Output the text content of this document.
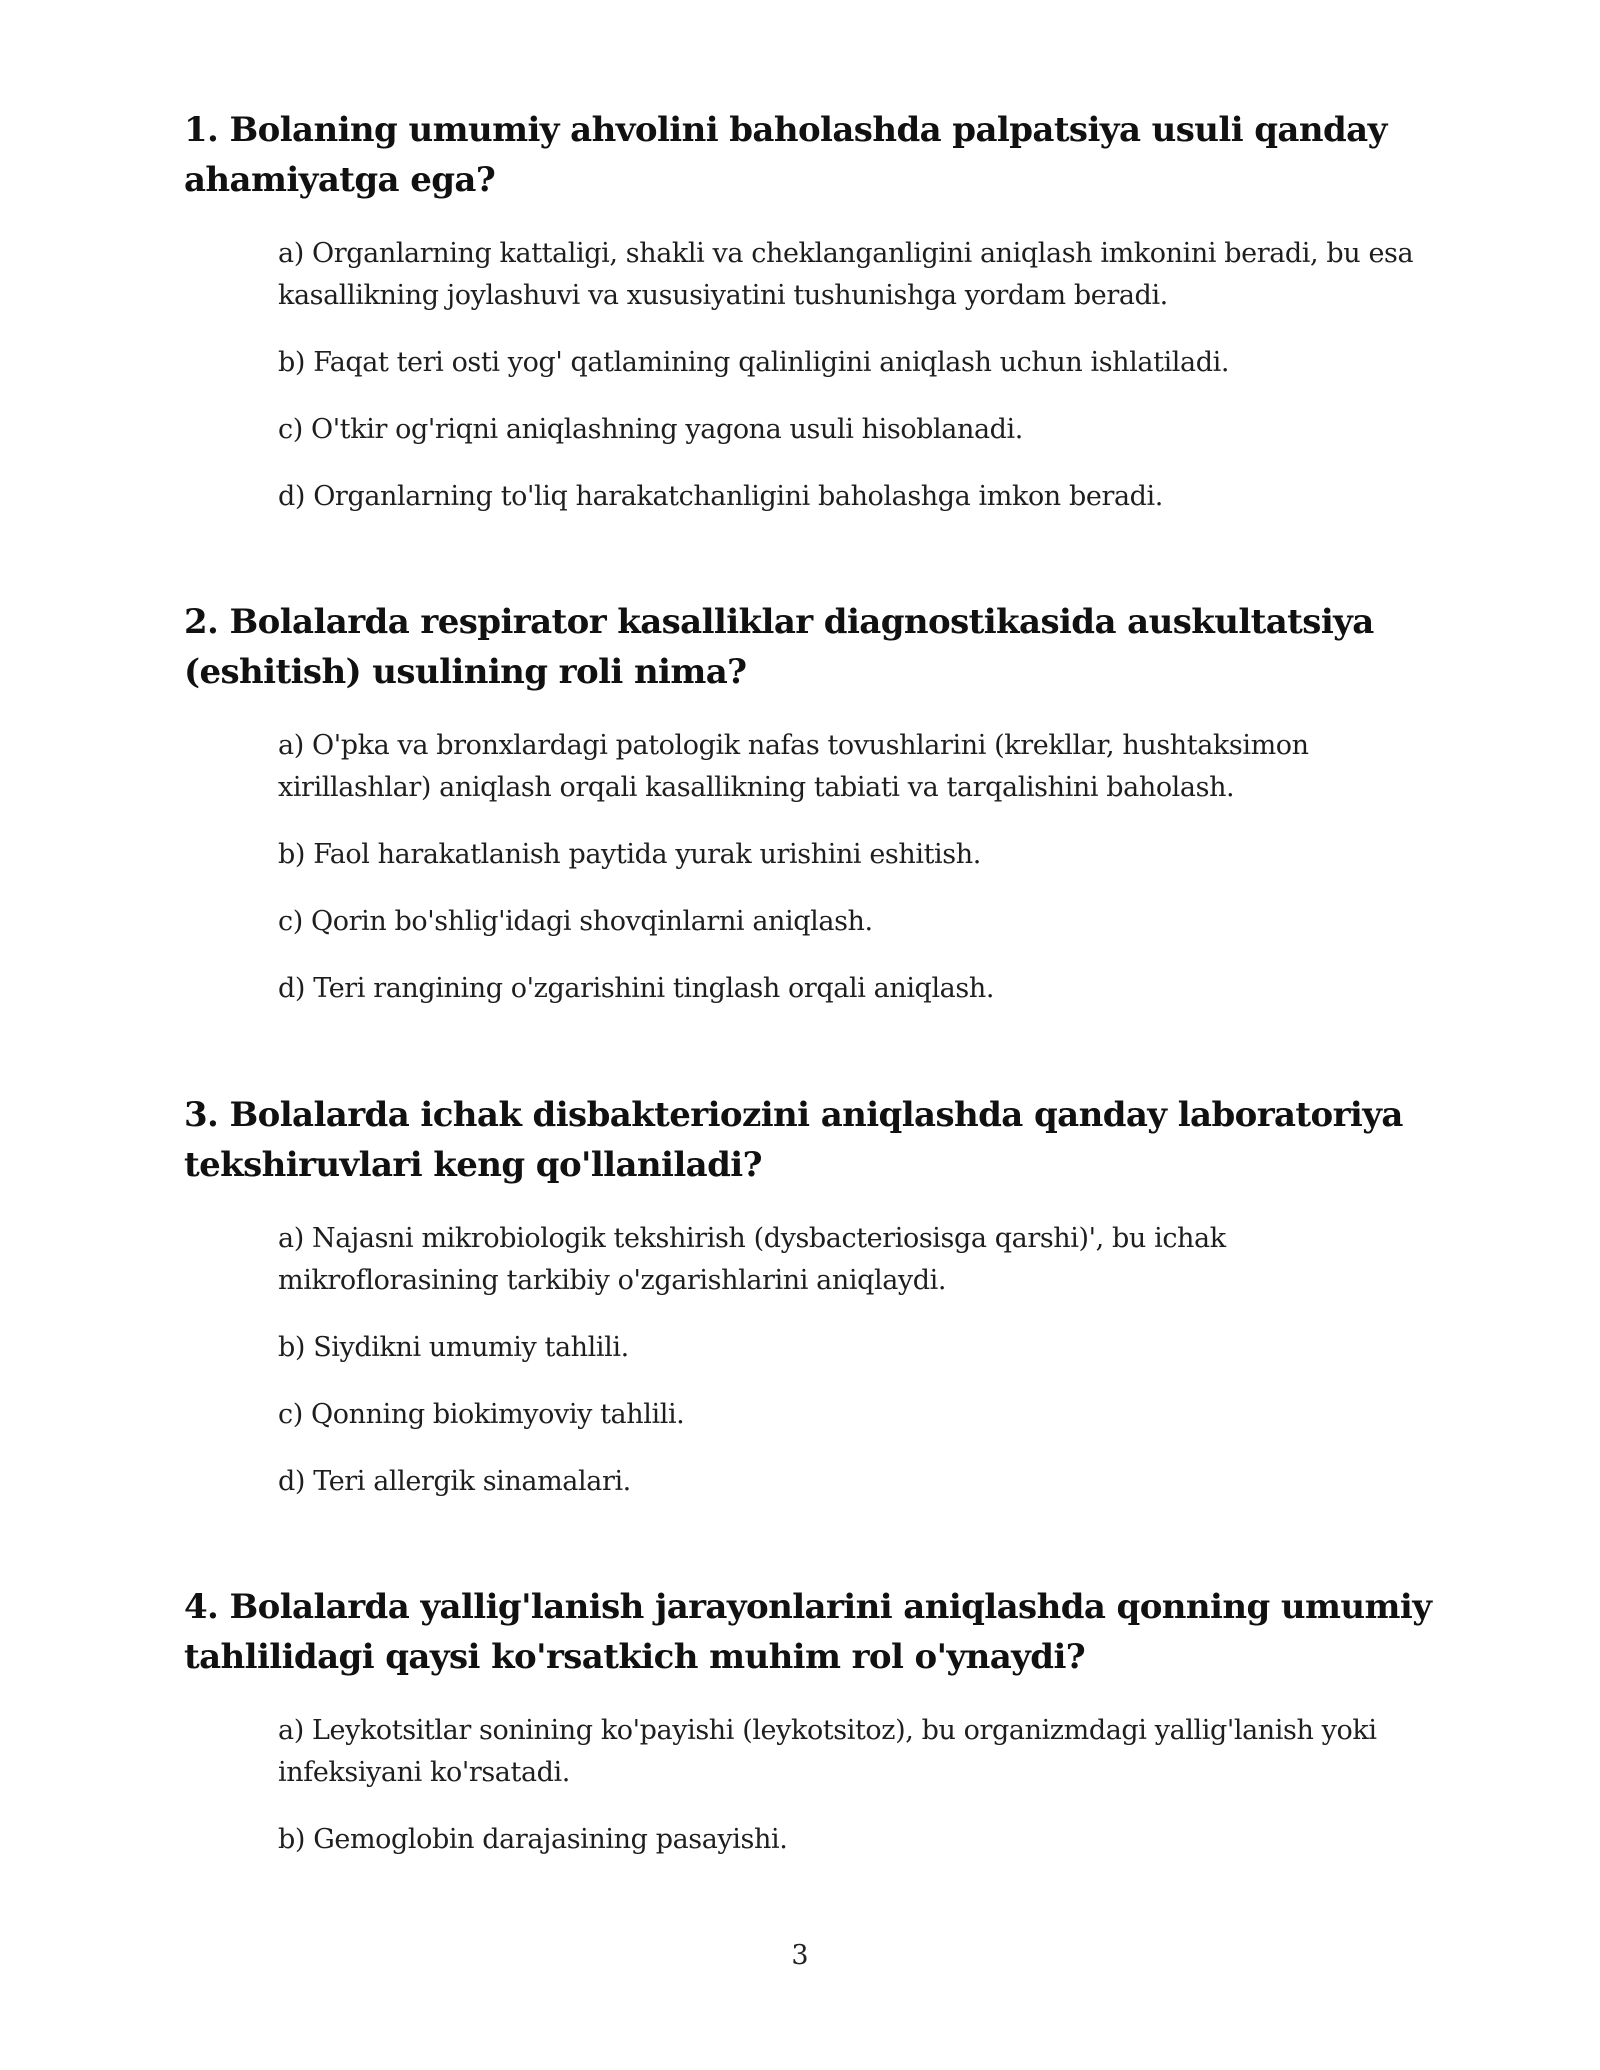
1. Bolaning umumiy ahvolini baholashda palpatsiya usuli qanday ahamiyatga ega?
a) Organlarning kattaligi, shakli va cheklanganligini aniqlash imkonini beradi, bu esa kasallikning joylashuvi va xususiyatini tushunishga yordam beradi.
b) Faqat teri osti yog' qatlamining qalinligini aniqlash uchun ishlatiladi.
c) O'tkir og'riqni aniqlashning yagona usuli hisoblanadi.
d) Organlarning to'liq harakatchanligini baholashga imkon beradi.
2. Bolalarda respirator kasalliklar diagnostikasida auskultatsiya (eshitish) usulining roli nima?
a) O'pka va bronxlardagi patologik nafas tovushlarini (krekllar, hushtaksimon xirillashlar) aniqlash orqali kasallikning tabiati va tarqalishini baholash.
b) Faol harakatlanish paytida yurak urishini eshitish.
c) Qorin bo'shlig'idagi shovqinlarni aniqlash.
d) Teri rangining o'zgarishini tinglash orqali aniqlash.
3. Bolalarda ichak disbakteriozini aniqlashda qanday laboratoriya tekshiruvlari keng qo'llaniladi?
a) Najasni mikrobiologik tekshirish (dysbacteriosisga qarshi)', bu ichak mikroflorasining tarkibiy o'zgarishlarini aniqlaydi.
b) Siydikni umumiy tahlili.
c) Qonning biokimyoviy tahlili.
d) Teri allergik sinamalari.
4. Bolalarda yallig'lanish jarayonlarini aniqlashda qonning umumiy tahlilidagi qaysi ko'rsatkich muhim rol o'ynaydi?
a) Leykotsitlar sonining ko'payishi (leykotsitoz), bu organizmdagi yallig'lanish yoki infeksiyani ko'rsatadi.
b) Gemoglobin darajasining pasayishi.
3
